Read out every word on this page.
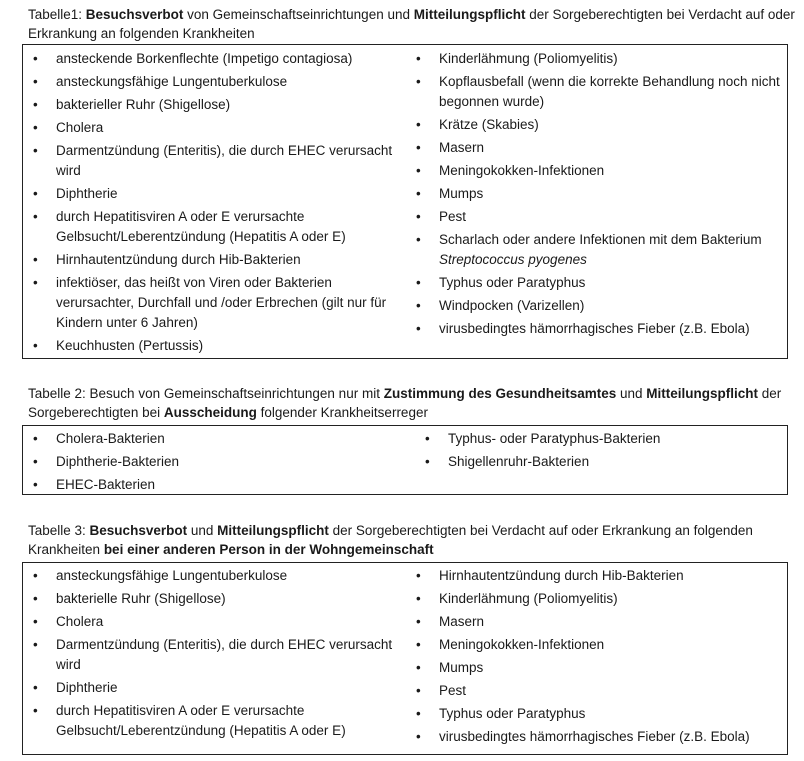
Tabelle1: Besuchsverbot von Gemeinschaftseinrichtungen und Mitteilungspflicht der Sorgeberechtigten bei Verdacht auf oder Erkrankung an folgenden Krankheiten
• ansteckende Borkenflechte (Impetigo contagiosa)
• ansteckungsfähige Lungentuberkulose
• bakterieller Ruhr (Shigellose)
• Cholera
• Darmentzündung (Enteritis), die durch EHEC verursacht wird
• Diphtherie
• durch Hepatitisviren A oder E verursachte Gelbsucht/Leberentzündung (Hepatitis A oder E)
• Hirnhautentzündung durch Hib-Bakterien
• infektiöser, das heißt von Viren oder Bakterien verursachter, Durchfall und /oder Erbrechen (gilt nur für Kindern unter 6 Jahren)
• Keuchhusten (Pertussis)
• Kinderlähmung (Poliomyelitis)
• Kopflausbefall (wenn die korrekte Behandlung noch nicht begonnen wurde)
• Krätze (Skabies)
• Masern
• Meningokokken-Infektionen
• Mumps
• Pest
• Scharlach oder andere Infektionen mit dem Bakterium Streptococcus pyogenes
• Typhus oder Paratyphus
• Windpocken (Varizellen)
• virusbedingtes hämorrhagisches Fieber (z.B. Ebola)
Tabelle 2: Besuch von Gemeinschaftseinrichtungen nur mit Zustimmung des Gesundheitsamtes und Mitteilungspflicht der Sorgeberechtigten bei Ausscheidung folgender Krankheitserreger
• Cholera-Bakterien
• Diphtherie-Bakterien
• EHEC-Bakterien
• Typhus- oder Paratyphus-Bakterien
• Shigellenruhr-Bakterien
Tabelle 3: Besuchsverbot und Mitteilungspflicht der Sorgeberechtigten bei Verdacht auf oder Erkrankung an folgenden Krankheiten bei einer anderen Person in der Wohngemeinschaft
• ansteckungsfähige Lungentuberkulose
• bakterielle Ruhr (Shigellose)
• Cholera
• Darmentzündung (Enteritis), die durch EHEC verursacht wird
• Diphtherie
• durch Hepatitisviren A oder E verursachte Gelbsucht/Leberentzündung (Hepatitis A oder E)
• Hirnhautentzündung durch Hib-Bakterien
• Kinderlähmung (Poliomyelitis)
• Masern
• Meningokokken-Infektionen
• Mumps
• Pest
• Typhus oder Paratyphus
• virusbedingtes hämorrhagisches Fieber (z.B. Ebola)
